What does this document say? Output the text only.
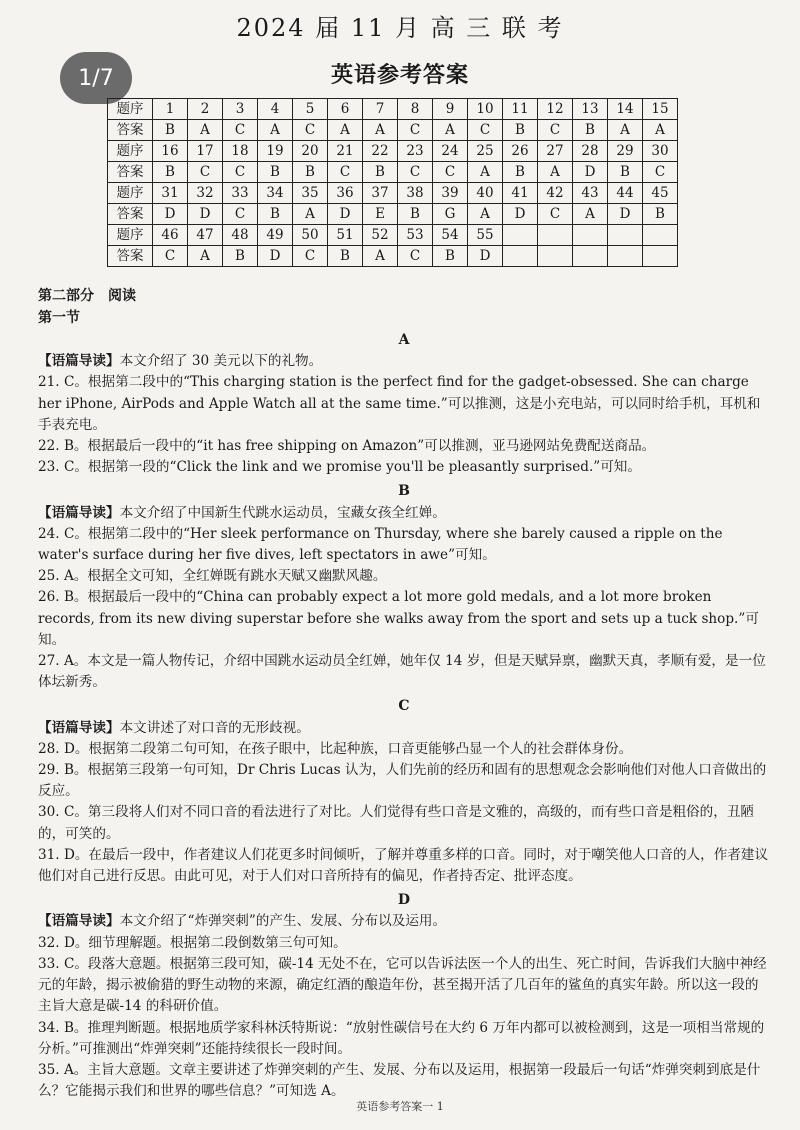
2024 届 11 月 高 三 联 考
1/7	英语参考答案
题序	1	2	3	4	5	6	7	8	9	10	11	12	13	14	15
答案	B	A	C	A	C	A	A	C	A	C	B	C	B	A	A
题序	16	17	18	19	20	21	22	23	24	25	26	27	28	29	30
答案	B	C	C	B	B	C	B	C	C	A	B	A	D	B	C
题序	31	32	33	34	35	36	37	38	39	40	41	42	43	44	45
答案	D	D	C	B	A	D	E	B	G	A	D	C	A	D	B
题序	46	47	48	49	50	51	52	53	54	55					
答案	C	A	B	D	C	B	A	C	B	D					
第二部分　阅读
第一节

A

【语篇导读】本文介绍了 30 美元以下的礼物。

21. C。根据第二段中的“This charging station is the perfect find for the gadget-obsessed. She can charge her iPhone, AirPods and Apple Watch all at the same time.”可以推测，这是小充电站，可以同时给手机，耳机和手表充电。

22. B。根据最后一段中的“it has free shipping on Amazon”可以推测，亚马逊网站免费配送商品。

23. C。根据第一段的“Click the link and we promise you'll be pleasantly surprised.”可知。

B

【语篇导读】本文介绍了中国新生代跳水运动员，宝藏女孩全红婵。

24. C。根据第二段中的“Her sleek performance on Thursday, where she barely caused a ripple on the water's surface during her five dives, left spectators in awe”可知。

25. A。根据全文可知，全红婵既有跳水天赋又幽默风趣。

26. B。根据最后一段中的“China can probably expect a lot more gold medals, and a lot more broken records, from its new diving superstar before she walks away from the sport and sets up a tuck shop.”可知。

27. A。本文是一篇人物传记，介绍中国跳水运动员全红婵，她年仅 14 岁，但是天赋异禀，幽默天真，孝顺有爱，是一位体坛新秀。

C

【语篇导读】本文讲述了对口音的无形歧视。

28. D。根据第二段第二句可知，在孩子眼中，比起种族，口音更能够凸显一个人的社会群体身份。

29. B。根据第三段第一句可知，Dr Chris Lucas 认为，人们先前的经历和固有的思想观念会影响他们对他人口音做出的反应。

30. C。第三段将人们对不同口音的看法进行了对比。人们觉得有些口音是文雅的，高级的，而有些口音是粗俗的，丑陋的，可笑的。

31. D。在最后一段中，作者建议人们花更多时间倾听，了解并尊重多样的口音。同时，对于嘲笑他人口音的人，作者建议他们对自己进行反思。由此可见，对于人们对口音所持有的偏见，作者持否定、批评态度。

D

【语篇导读】本文介绍了“炸弹突刺”的产生、发展、分布以及运用。

32. D。细节理解题。根据第二段倒数第三句可知。

33. C。段落大意题。根据第三段可知，碳-14 无处不在，它可以告诉法医一个人的出生、死亡时间，告诉我们大脑中神经元的年龄，揭示被偷猎的野生动物的来源，确定红酒的酿造年份，甚至揭开活了几百年的鲨鱼的真实年龄。所以这一段的主旨大意是碳-14 的科研价值。

34. B。推理判断题。根据地质学家科林沃特斯说：“放射性碳信号在大约 6 万年内都可以被检测到，这是一项相当常规的分析。”可推测出“炸弹突刺”还能持续很长一段时间。

35. A。主旨大意题。文章主要讲述了炸弹突刺的产生、发展、分布以及运用，根据第一段最后一句话“炸弹突刺到底是什么？它能揭示我们和世界的哪些信息？”可知选 A。

英语参考答案一 1
